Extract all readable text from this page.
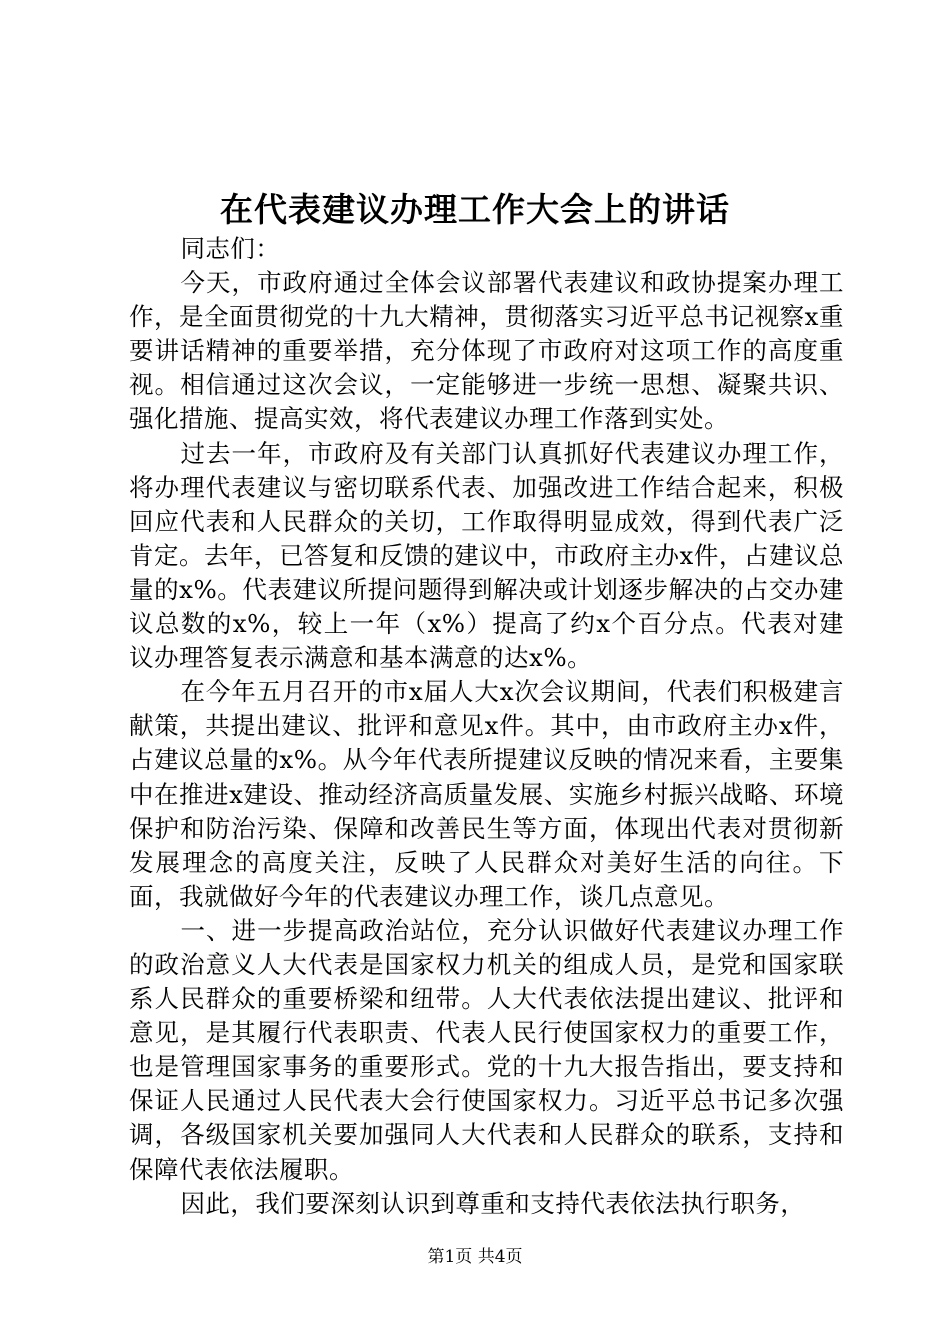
在代表建议办理工作大会上的讲话

同志们：

今天，市政府通过全体会议部署代表建议和政协提案办理工作，是全面贯彻党的十九大精神，贯彻落实习近平总书记视察x重要讲话精神的重要举措，充分体现了市政府对这项工作的高度重视。相信通过这次会议，一定能够进一步统一思想、凝聚共识、强化措施、提高实效，将代表建议办理工作落到实处。

过去一年，市政府及有关部门认真抓好代表建议办理工作，将办理代表建议与密切联系代表、加强改进工作结合起来，积极回应代表和人民群众的关切，工作取得明显成效，得到代表广泛肯定。去年，已答复和反馈的建议中，市政府主办x件，占建议总量的x%。代表建议所提问题得到解决或计划逐步解决的占交办建议总数的x%，较上一年（x%）提高了约x个百分点。代表对建议办理答复表示满意和基本满意的达x%。

在今年五月召开的市x届人大x次会议期间，代表们积极建言献策，共提出建议、批评和意见x件。其中，由市政府主办x件，占建议总量的x%。从今年代表所提建议反映的情况来看，主要集中在推进x建设、推动经济高质量发展、实施乡村振兴战略、环境保护和防治污染、保障和改善民生等方面，体现出代表对贯彻新发展理念的高度关注，反映了人民群众对美好生活的向往。下面，我就做好今年的代表建议办理工作，谈几点意见。

一、进一步提高政治站位，充分认识做好代表建议办理工作的政治意义人大代表是国家权力机关的组成人员，是党和国家联系人民群众的重要桥梁和纽带。人大代表依法提出建议、批评和意见，是其履行代表职责、代表人民行使国家权力的重要工作，也是管理国家事务的重要形式。党的十九大报告指出，要支持和保证人民通过人民代表大会行使国家权力。习近平总书记多次强调，各级国家机关要加强同人大代表和人民群众的联系，支持和保障代表依法履职。

因此，我们要深刻认识到尊重和支持代表依法执行职务，

第1页 共4页
